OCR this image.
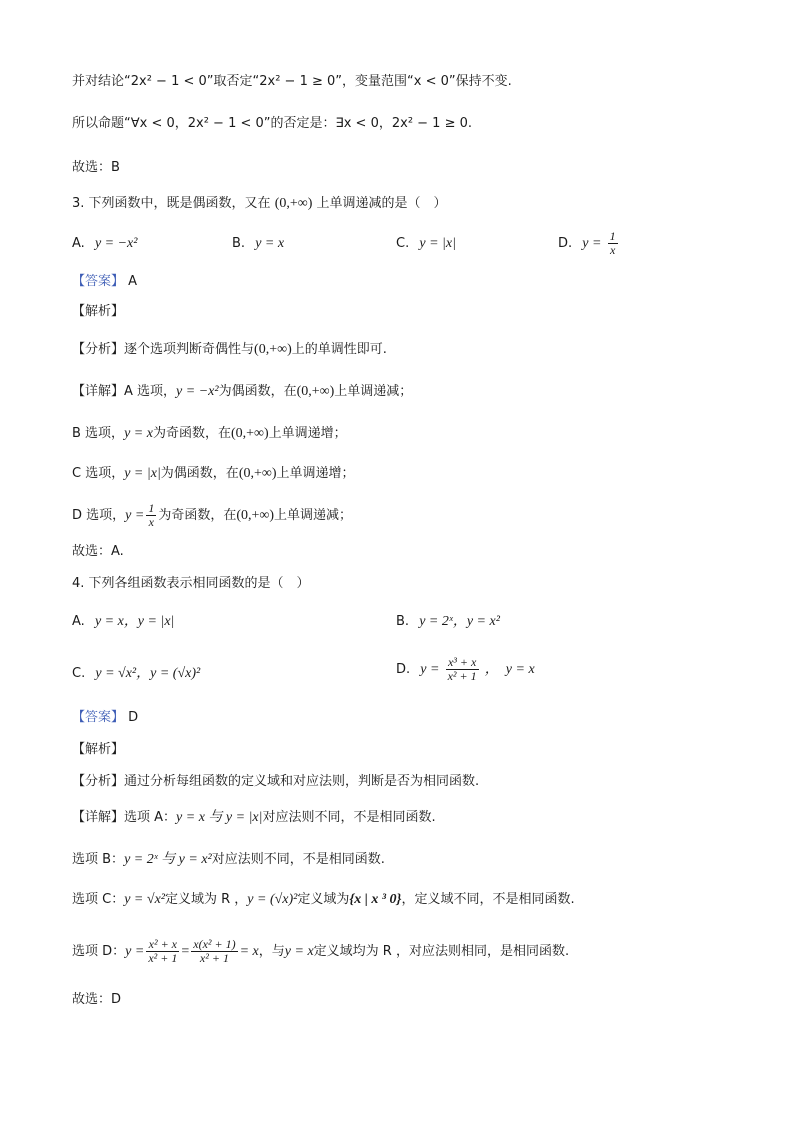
并对结论“2x² − 1 < 0”取否定“2x² − 1 ≥ 0”，变量范围“x < 0”保持不变.
所以命题“∀x < 0，2x² − 1 < 0”的否定是：∃x < 0，2x² − 1 ≥ 0.
故选：B
3. 下列函数中，既是偶函数，又在 (0,+∞) 上单调递减的是（　）
A. y = −x²	B. y = x	C. y = |x|	D. $y = \frac{1}{x}$
【答案】 A
【解析】
【分析】逐个选项判断奇偶性与(0,+∞)上的单调性即可.
【详解】A 选项，y = −x²为偶函数，在(0,+∞)上单调递减；
B 选项，y = x为奇函数，在(0,+∞)上单调递增；
C 选项，y = |x|为偶函数，在(0,+∞)上单调递增；
D 选项，$y = \frac{1}{x}$ 为奇函数，在(0,+∞)上单调递减；
故选：A.
4. 下列各组函数表示相同函数的是（　）
A. y = x，y = |x|	B. y = 2ˣ，y = x²
C. y = √x²，y = (√x)²	D. $y = \frac{\text{x³ + x}}{\text{x² + 1}}$ ，　y = x
【答案】 D
【解析】
【分析】通过分析每组函数的定义域和对应法则，判断是否为相同函数.
【详解】选项 A：y = x 与 y = |x|对应法则不同，不是相同函数.
选项 B：y = 2ˣ 与 y = x²对应法则不同，不是相同函数.
选项 C：y = √x²定义域为 R ，y = (√x)²定义域为{x | x ³ 0}，定义域不同，不是相同函数.
选项 D：$y = \frac{\text{x² + x}}{\text{x² + 1}} = \frac{\text{x(x² + 1)}}{\text{x² + 1}} = x$，与y = x定义域均为 R ，对应法则相同，是相同函数.
故选：D
